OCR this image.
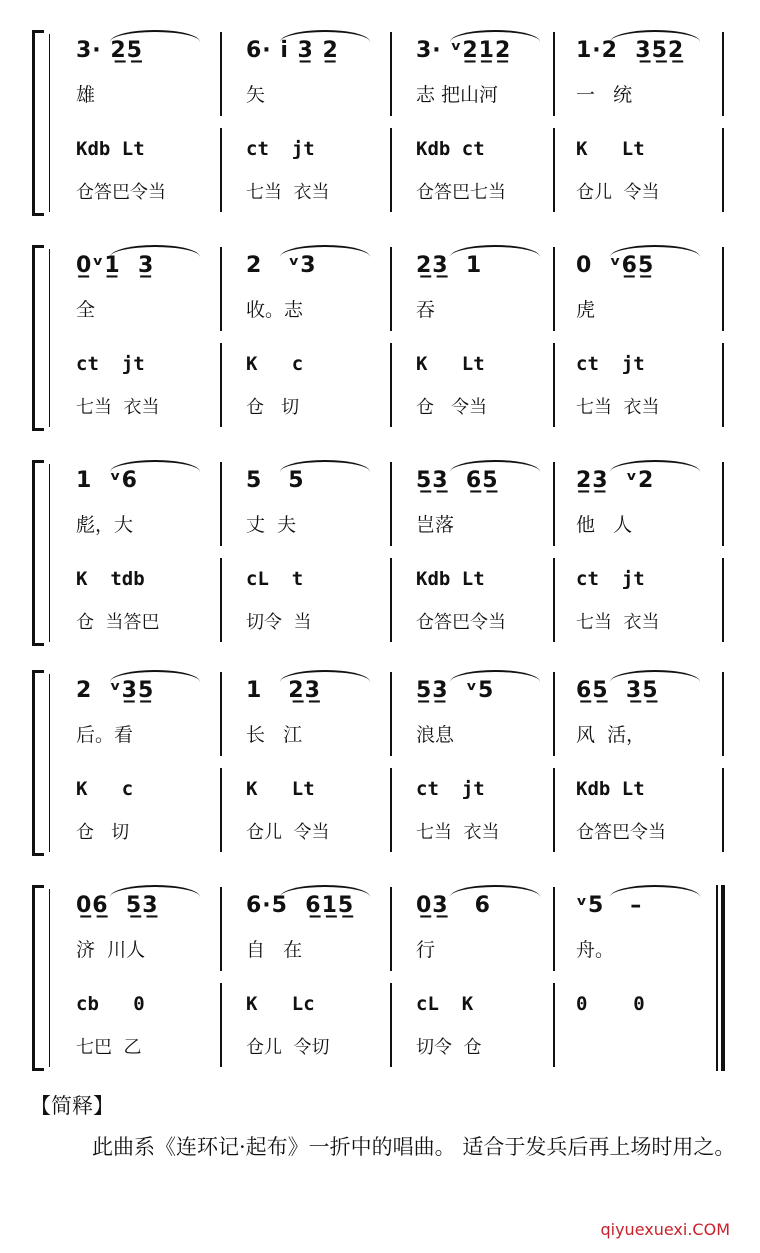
3· 2̲5̲
雄
Kdb Lt
仓答巴令当
6· i̇ 3̲ 2̲
矢
ct  jt
七当  衣当
3· ᵛ2̲1̲2̲
志 把山河
Kdb ct
仓答巴七当
1·2  3̲5̲2̲
一   统
K   Lt
仓儿  令当
0̲ᵛ1̲  3̲
全
ct  jt
七当  衣当
2   ᵛ3
收。志
K   c
仓   切
2̲3̲  1
吞
K   Lt
仓   令当
0  ᵛ6̲5̲
虎
ct  jt
七当  衣当
1  ᵛ6
彪，大
K  tdb
仓  当答巴
5   5
丈  夫
cL  t
切令  当
5̲3̲  6̲5̲
岂落
Kdb Lt
仓答巴令当
2̲3̲  ᵛ2
他   人
ct  jt
七当  衣当
2  ᵛ3̲5̲
后。看
K   c
仓   切
1   2̲3̲
长   江
K   Lt
仓儿  令当
5̲3̲  ᵛ5
浪息
ct  jt
七当  衣当
6̲5̲  3̲5̲
风  活，
Kdb Lt
仓答巴令当
0̲6̲  5̲3̲
济  川人
cb   0
七巴  乙
6·5  6̲1̲5̲
自   在
K   Lc
仓儿  令切
0̲3̲   6
行
cL  K
切令  仓
ᵛ5   –
舟。
0    0
【简释】
此曲系《连环记·起布》一折中的唱曲。 适合于发兵后再上场时用之。
qiyuexuexi.COM
